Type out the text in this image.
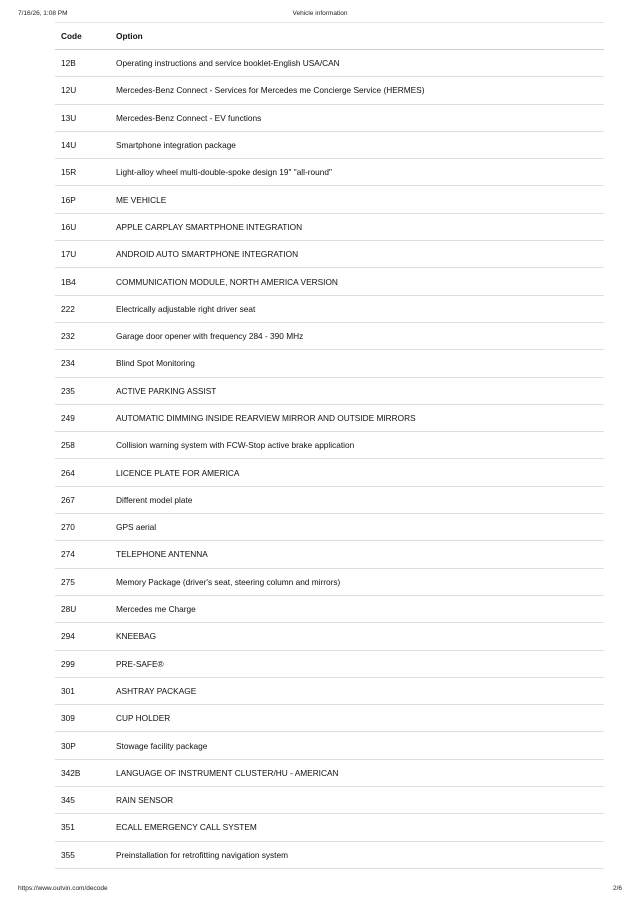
7/16/26, 1:08 PM	Vehicle information
Code	Option
12B	Operating instructions and service booklet-English USA/CAN
12U	Mercedes-Benz Connect - Services for Mercedes me Concierge Service (HERMES)
13U	Mercedes-Benz Connect - EV functions
14U	Smartphone integration package
15R	Light-alloy wheel multi-double-spoke design 19" "all-round"
16P	ME VEHICLE
16U	APPLE CARPLAY SMARTPHONE INTEGRATION
17U	ANDROID AUTO SMARTPHONE INTEGRATION
1B4	COMMUNICATION MODULE, NORTH AMERICA VERSION
222	Electrically adjustable right driver seat
232	Garage door opener with frequency 284 - 390 MHz
234	Blind Spot Monitoring
235	ACTIVE PARKING ASSIST
249	AUTOMATIC DIMMING INSIDE REARVIEW MIRROR AND OUTSIDE MIRRORS
258	Collision warning system with FCW-Stop active brake application
264	LICENCE PLATE FOR AMERICA
267	Different model plate
270	GPS aerial
274	TELEPHONE ANTENNA
275	Memory Package (driver's seat, steering column and mirrors)
28U	Mercedes me Charge
294	KNEEBAG
299	PRE-SAFE®
301	ASHTRAY PACKAGE
309	CUP HOLDER
30P	Stowage facility package
342B	LANGUAGE OF INSTRUMENT CLUSTER/HU - AMERICAN
345	RAIN SENSOR
351	ECALL EMERGENCY CALL SYSTEM
355	Preinstallation for retrofitting navigation system
https://www.outvin.com/decode	2/6
